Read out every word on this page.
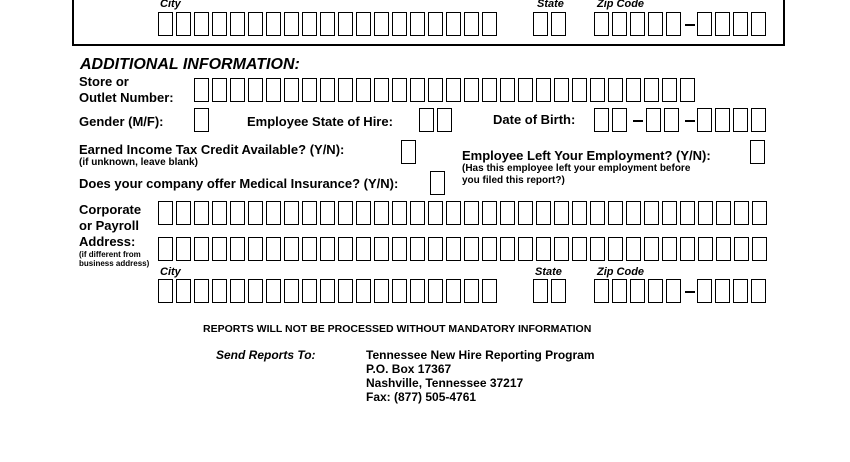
City	State	Zip Code
ADDITIONAL INFORMATION:
Store or
Outlet Number:
Gender (M/F):	Employee State of Hire:	Date of Birth:
Earned Income Tax Credit Available? (Y/N):
(if unknown, leave blank)	Employee Left Your Employment? (Y/N):
(Has this employee left your employment before
you filed this report?)
Does your company offer Medical Insurance? (Y/N):
Corporate
or Payroll
Address:
(if different from
business address)
City	State	Zip Code
REPORTS WILL NOT BE PROCESSED WITHOUT MANDATORY INFORMATION
Send Reports To:	Tennessee New Hire Reporting Program
P.O. Box 17367
Nashville, Tennessee 37217
Fax: (877) 505-4761
